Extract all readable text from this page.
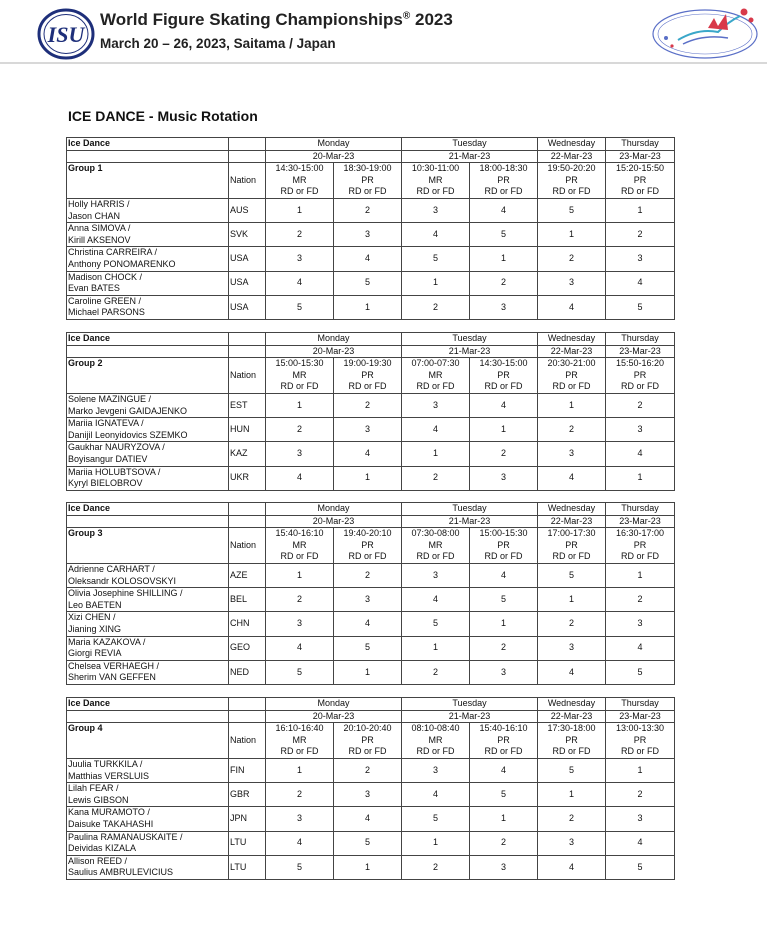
ISU
World Figure Skating Championships® 2023
March 20 – 26, 2023, Saitama / Japan
ICE DANCE - Music Rotation
Ice Dance		Monday		Tuesday		Wednesday	Thursday
		20-Mar-23		21-Mar-23		22-Mar-23	23-Mar-23
Group 1	Nation	14:30-15:00	18:30-19:00	10:30-11:00	18:00-18:30	19:50-20:20	15:20-15:50
		MR	PR	MR	PR	PR	PR
		RD or FD	RD or FD	RD or FD	RD or FD	RD or FD	RD or FD

Holly HARRIS /
Jason CHAN	AUS	1	2	3	4	5	1

Anna SIMOVA /
Kirill AKSENOV	SVK	2	3	4	5	1	2

Christina CARREIRA /
Anthony PONOMARENKO	USA	3	4	5	1	2	3

Madison CHOCK /
Evan BATES	USA	4	5	1	2	3	4

Caroline GREEN /
Michael PARSONS	USA	5	1	2	3	4	5
Ice Dance		Monday		Tuesday		Wednesday	Thursday
		20-Mar-23		21-Mar-23		22-Mar-23	23-Mar-23
Group 2	Nation	15:00-15:30	19:00-19:30	07:00-07:30	14:30-15:00	20:30-21:00	15:50-16:20
		MR	PR	MR	PR	PR	PR
		RD or FD	RD or FD	RD or FD	RD or FD	RD or FD	RD or FD

Solene MAZINGUE /
Marko Jevgeni GAIDAJENKO	EST	1	2	3	4	1	2

Mariia IGNATEVA /
Danijil Leonyidovics SZEMKO	HUN	2	3	4	1	2	3

Gaukhar NAURYZOVA /
Boyisangur DATIEV	KAZ	3	4	1	2	3	4

Mariia HOLUBTSOVA /
Kyryl BIELOBROV	UKR	4	1	2	3	4	1
Ice Dance		Monday		Tuesday		Wednesday	Thursday
		20-Mar-23		21-Mar-23		22-Mar-23	23-Mar-23
Group 3	Nation	15:40-16:10	19:40-20:10	07:30-08:00	15:00-15:30	17:00-17:30	16:30-17:00
		MR	PR	MR	PR	PR	PR
		RD or FD	RD or FD	RD or FD	RD or FD	RD or FD	RD or FD

Adrienne CARHART /
Oleksandr KOLOSOVSKYI	AZE	1	2	3	4	5	1

Olivia Josephine SHILLING /
Leo BAETEN	BEL	2	3	4	5	1	2

Xizi CHEN /
Jianing XING	CHN	3	4	5	1	2	3

Maria KAZAKOVA /
Giorgi REVIA	GEO	4	5	1	2	3	4

Chelsea VERHAEGH /
Sherim VAN GEFFEN	NED	5	1	2	3	4	5
Ice Dance		Monday		Tuesday		Wednesday	Thursday
		20-Mar-23		21-Mar-23		22-Mar-23	23-Mar-23
Group 4	Nation	16:10-16:40	20:10-20:40	08:10-08:40	15:40-16:10	17:30-18:00	13:00-13:30
		MR	PR	MR	PR	PR	PR
		RD or FD	RD or FD	RD or FD	RD or FD	RD or FD	RD or FD

Juulia TURKKILA /
Matthias VERSLUIS	FIN	1	2	3	4	5	1

Lilah FEAR /
Lewis GIBSON	GBR	2	3	4	5	1	2

Kana MURAMOTO /
Daisuke TAKAHASHI	JPN	3	4	5	1	2	3

Paulina RAMANAUSKAITE /
Deividas KIZALA	LTU	4	5	1	2	3	4

Allison REED /
Saulius AMBRULEVICIUS	LTU	5	1	2	3	4	5
